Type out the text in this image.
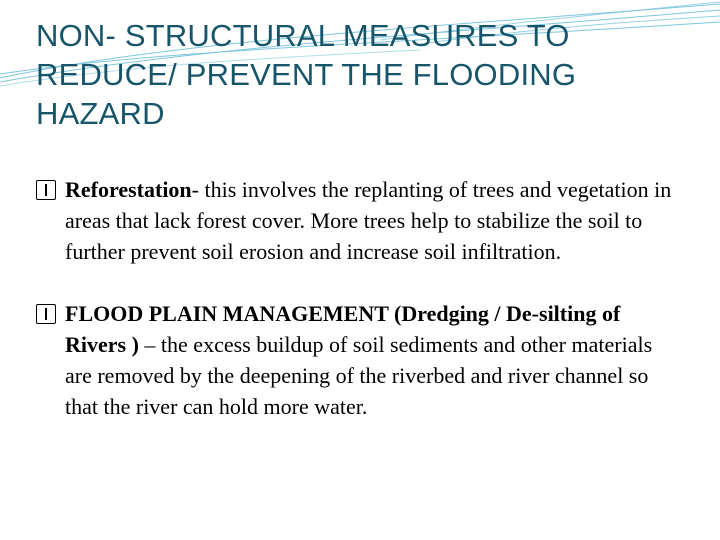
NON- STRUCTURAL MEASURES TO REDUCE/ PREVENT THE FLOODING HAZARD
Reforestation- this involves the replanting of trees and vegetation in areas that lack forest cover. More trees help to stabilize the soil to further prevent soil erosion and increase soil infiltration.
FLOOD PLAIN MANAGEMENT (Dredging / De-silting of Rivers ) – the excess buildup of soil sediments and other materials are removed by the deepening of the riverbed and river channel so that the river can hold more water.
